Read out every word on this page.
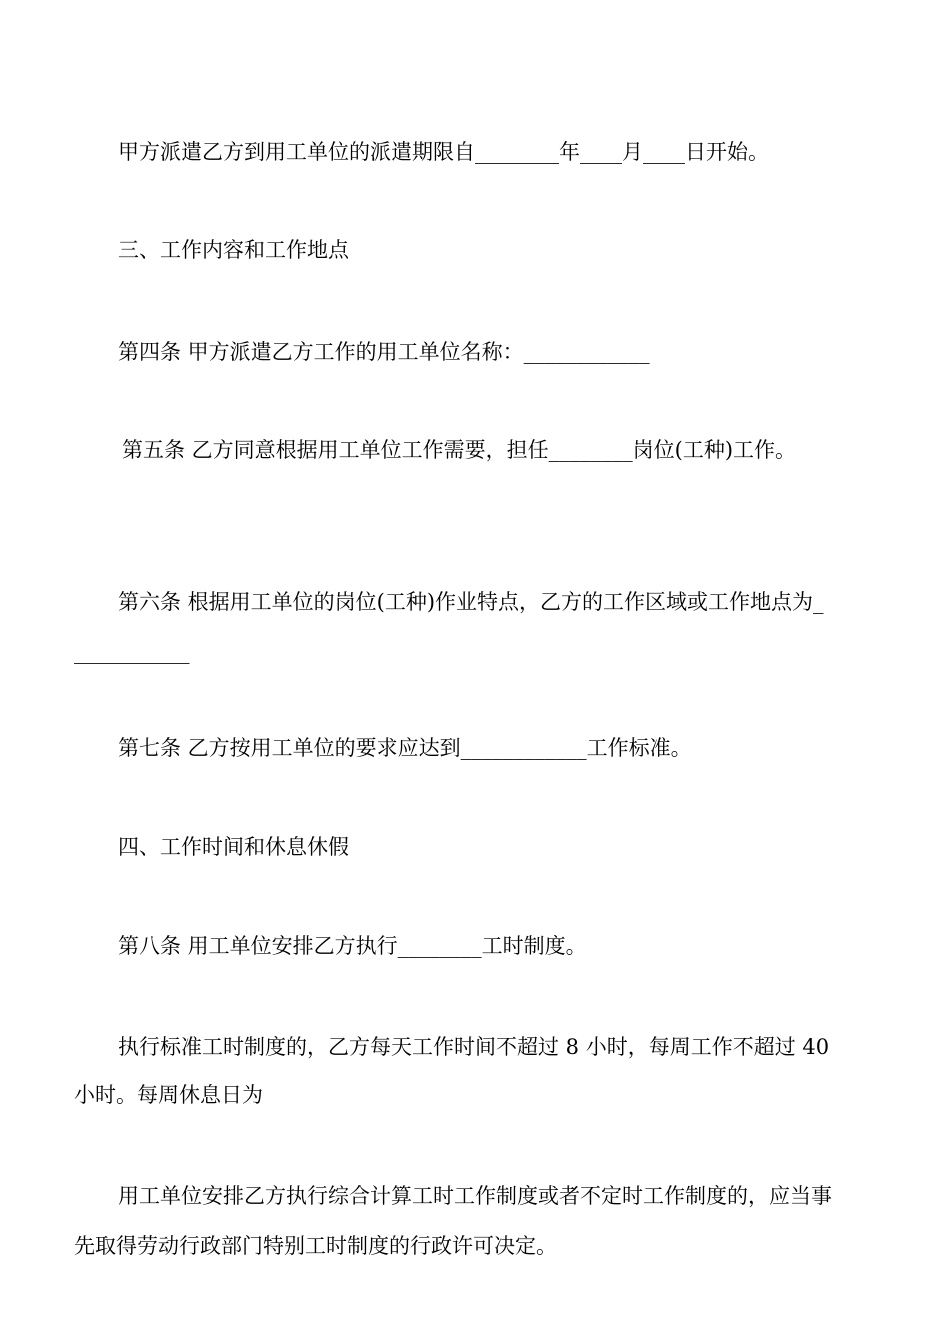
甲方派遣乙方到用工单位的派遣期限自________年____月____日开始。
三、工作内容和工作地点
第四条 甲方派遣乙方工作的用工单位名称：____________
第五条 乙方同意根据用工单位工作需要，担任________岗位(工种)工作。
第六条 根据用工单位的岗位(工种)作业特点，乙方的工作区域或工作地点为_
___________
第七条 乙方按用工单位的要求应达到____________工作标准。
四、工作时间和休息休假
第八条 用工单位安排乙方执行________工时制度。
执行标准工时制度的，乙方每天工作时间不超过 8 小时，每周工作不超过 40
小时。每周休息日为
用工单位安排乙方执行综合计算工时工作制度或者不定时工作制度的，应当事
先取得劳动行政部门特别工时制度的行政许可决定。
